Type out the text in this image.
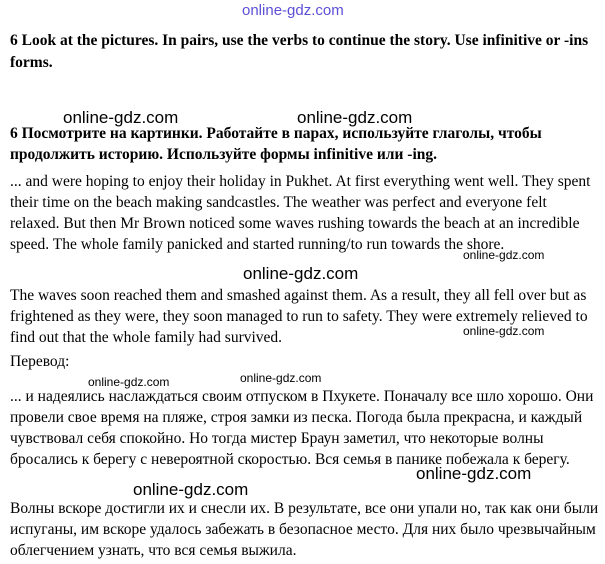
online-gdz.com
6 Look at the pictures. In pairs, use the verbs to continue the story. Use infinitive or -ins forms.
online-gdz.com	online-gdz.com
6 Посмотрите на картинки. Работайте в парах, используйте глаголы, чтобы продолжить историю. Используйте формы infinitive или -ing.

... and were hoping to enjoy their holiday in Pukhet. At first everything went well. They spent their time on the beach making sandcastles. The weather was perfect and everyone felt relaxed. But then Mr Brown noticed some waves rushing towards the beach at an incredible speed. The whole family panicked and started running/to run towards the shore.

online-gdz.com
online-gdz.com
The waves soon reached them and smashed against them. As a result, they all fell over but as frightened as they were, they soon managed to run to safety. They were extremely relieved to find out that the whole family had survived.	online-gdz.com
Перевод:
online-gdz.com
online-gdz.com
... и надеялись наслаждаться своим отпуском в Пхукете. Поначалу все шло хорошо. Они провели свое время на пляже, строя замки из песка. Погода была прекрасна, и каждый чувствовал себя спокойно. Но тогда мистер Браун заметил, что некоторые волны бросались к берегу с невероятной скоростью. Вся семья в панике побежала к берегу.
online-gdz.com
online-gdz.com
Волны вскоре достигли их и снесли их. В результате, все они упали но, так как они были испуганы, им вскоре удалось забежать в безопасное место. Для них было чрезвычайным облегчением узнать, что вся семья выжила.
